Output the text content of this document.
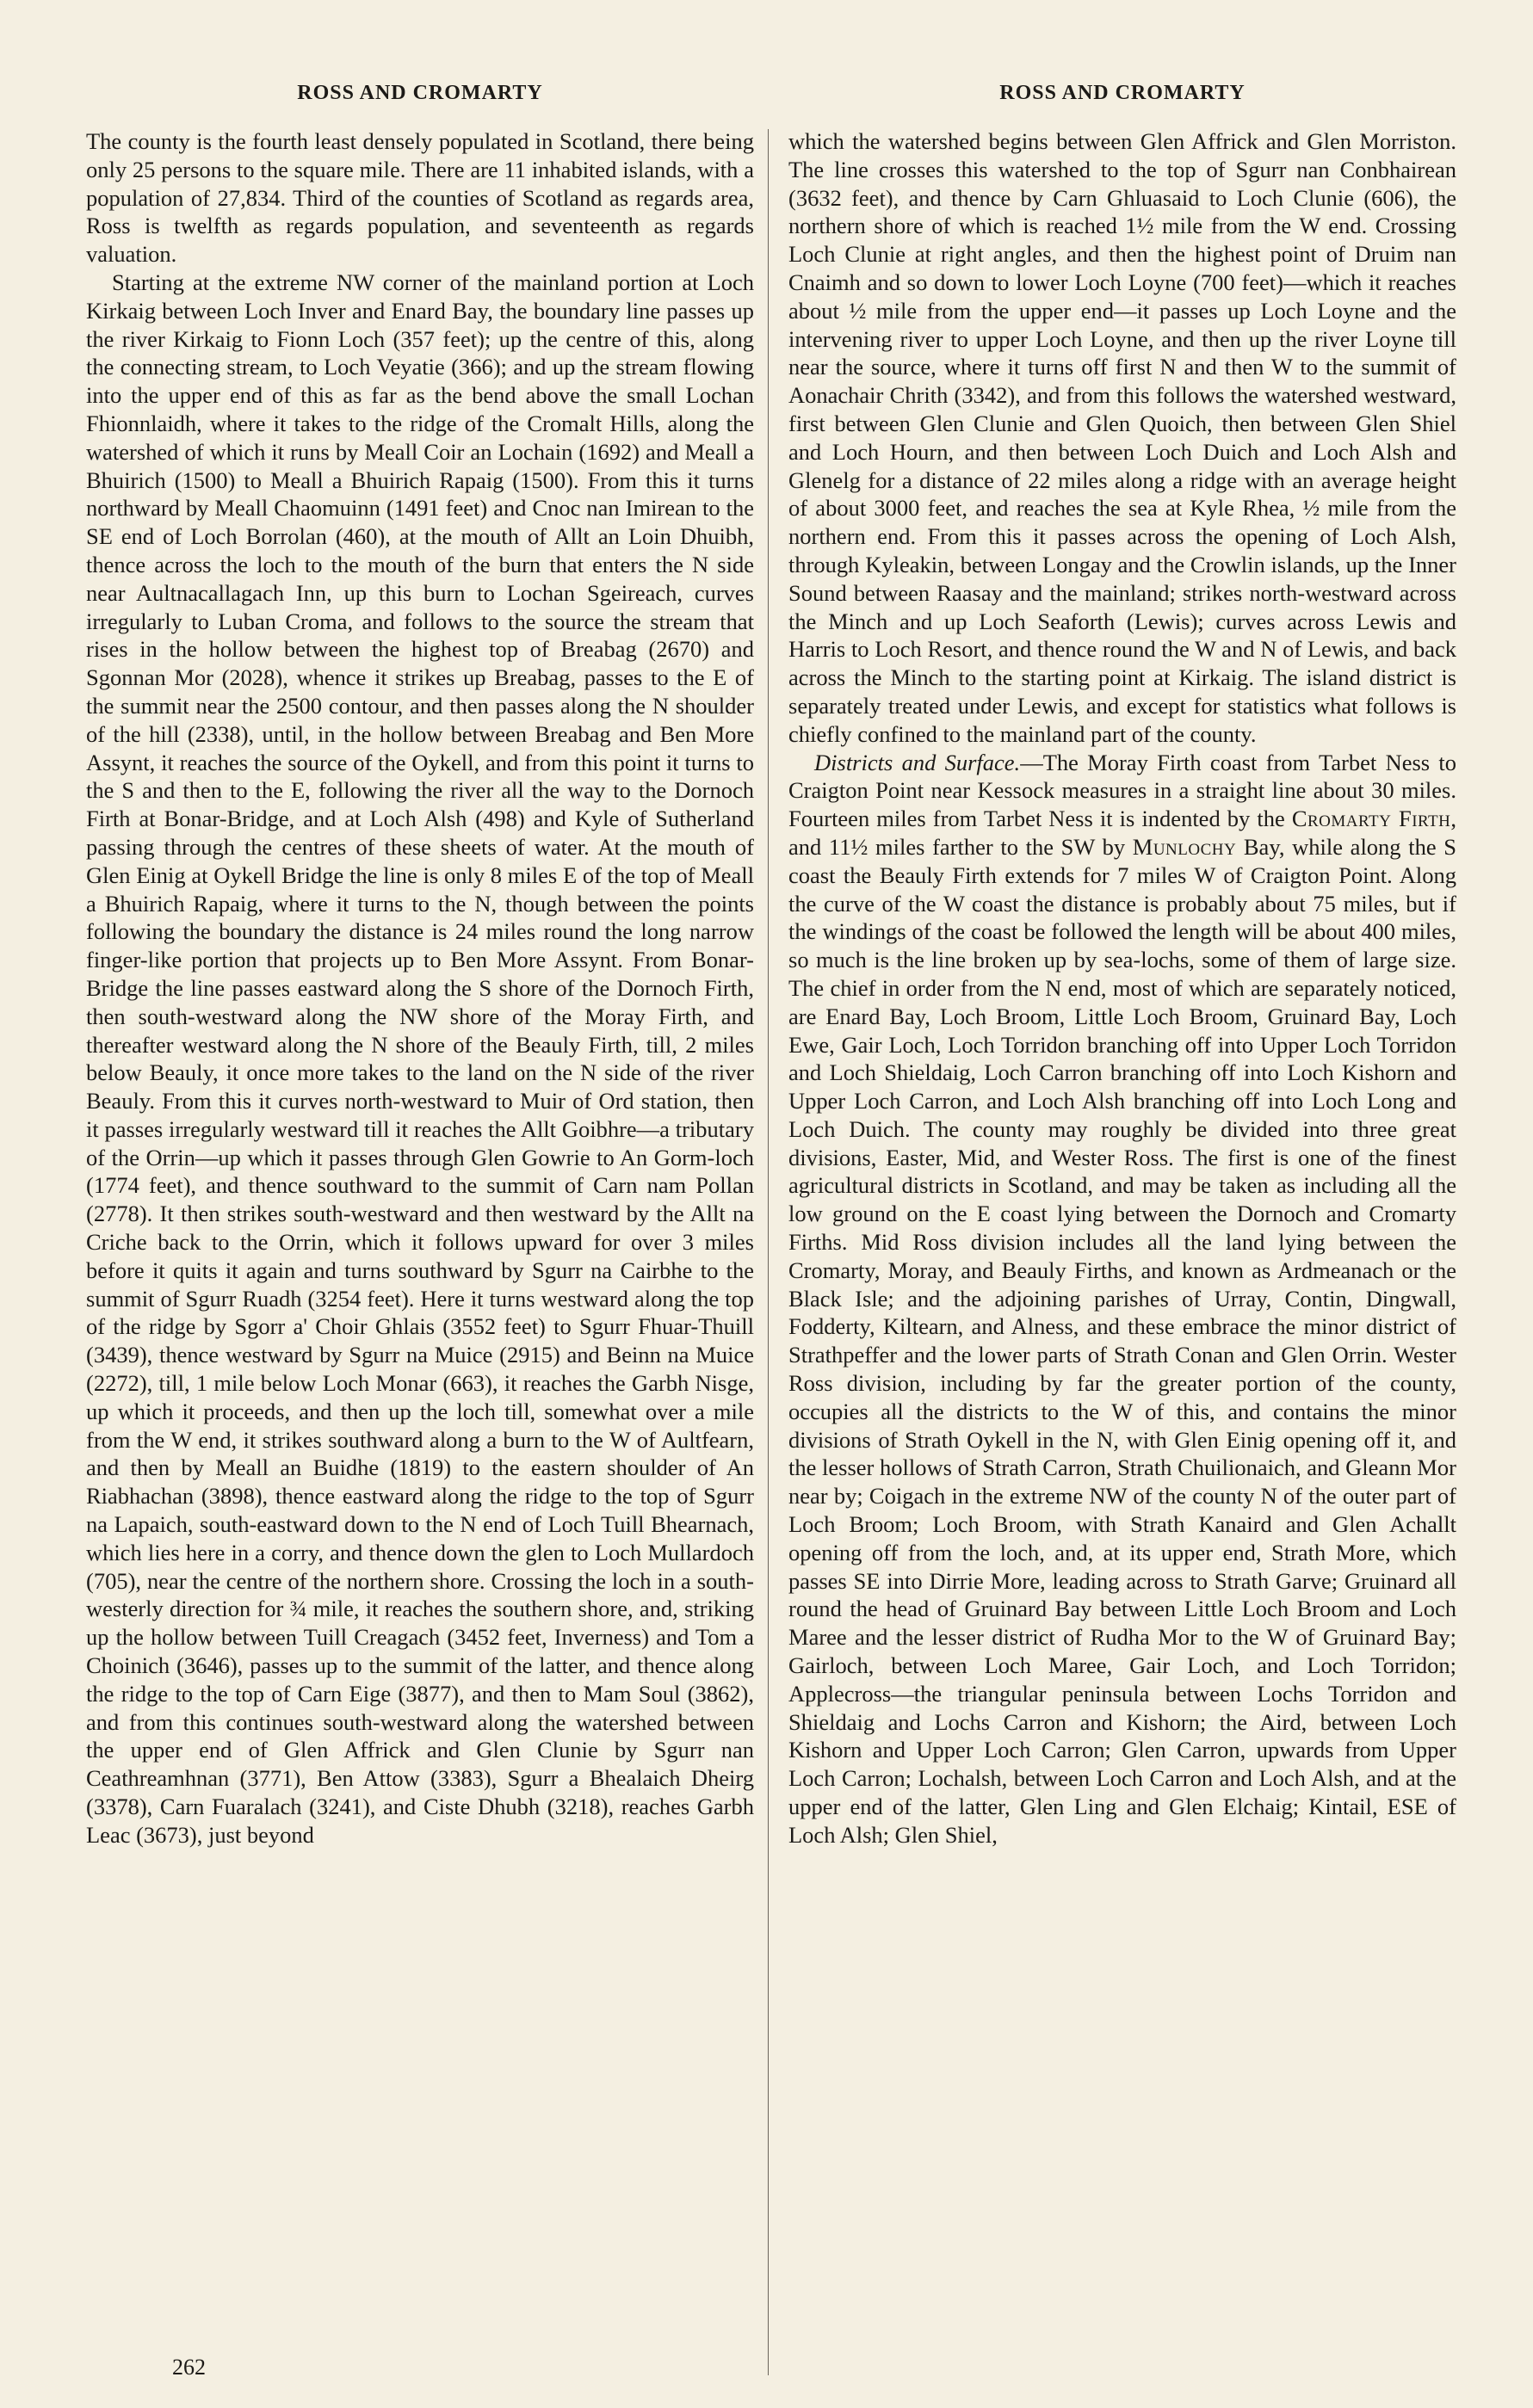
ROSS AND CROMARTY

The county is the fourth least densely populated in Scotland, there being only 25 persons to the square mile. There are 11 inhabited islands, with a population of 27,834. Third of the counties of Scotland as regards area, Ross is twelfth as regards population, and seventeenth as regards valuation.

Starting at the extreme NW corner of the mainland portion at Loch Kirkaig between Loch Inver and Enard Bay, the boundary line passes up the river Kirkaig to Fionn Loch (357 feet); up the centre of this, along the connecting stream, to Loch Veyatie (366); and up the stream flowing into the upper end of this as far as the bend above the small Lochan Fhionnlaidh, where it takes to the ridge of the Cromalt Hills, along the watershed of which it runs by Meall Coir an Lochain (1692) and Meall a Bhuirich (1500) to Meall a Bhuirich Rapaig (1500). From this it turns northward by Meall Chaomuinn (1491 feet) and Cnoc nan Imirean to the SE end of Loch Borrolan (460), at the mouth of Allt an Loin Dhuibh, thence across the loch to the mouth of the burn that enters the N side near Aultnacallagach Inn, up this burn to Lochan Sgeireach, curves irregularly to Luban Croma, and follows to the source the stream that rises in the hollow between the highest top of Breabag (2670) and Sgonnan Mor (2028), whence it strikes up Breabag, passes to the E of the summit near the 2500 contour, and then passes along the N shoulder of the hill (2338), until, in the hollow between Breabag and Ben More Assynt, it reaches the source of the Oykell, and from this point it turns to the S and then to the E, following the river all the way to the Dornoch Firth at Bonar-Bridge, and at Loch Alsh (498) and Kyle of Sutherland passing through the centres of these sheets of water. At the mouth of Glen Einig at Oykell Bridge the line is only 8 miles E of the top of Meall a Bhuirich Rapaig, where it turns to the N, though between the points following the boundary the distance is 24 miles round the long narrow finger-like portion that projects up to Ben More Assynt. From Bonar-Bridge the line passes eastward along the S shore of the Dornoch Firth, then south-westward along the NW shore of the Moray Firth, and thereafter westward along the N shore of the Beauly Firth, till, 2 miles below Beauly, it once more takes to the land on the N side of the river Beauly. From this it curves north-westward to Muir of Ord station, then it passes irregularly westward till it reaches the Allt Goibhre—a tributary of the Orrin—up which it passes through Glen Gowrie to An Gorm-loch (1774 feet), and thence southward to the summit of Carn nam Pollan (2778). It then strikes south-westward and then westward by the Allt na Criche back to the Orrin, which it follows upward for over 3 miles before it quits it again and turns southward by Sgurr na Cairbhe to the summit of Sgurr Ruadh (3254 feet). Here it turns westward along the top of the ridge by Sgorr a' Choir Ghlais (3552 feet) to Sgurr Fhuar-Thuill (3439), thence westward by Sgurr na Muice (2915) and Beinn na Muice (2272), till, 1 mile below Loch Monar (663), it reaches the Garbh Nisge, up which it proceeds, and then up the loch till, somewhat over a mile from the W end, it strikes southward along a burn to the W of Aultfearn, and then by Meall an Buidhe (1819) to the eastern shoulder of An Riabhachan (3898), thence eastward along the ridge to the top of Sgurr na Lapaich, south-eastward down to the N end of Loch Tuill Bhearnach, which lies here in a corry, and thence down the glen to Loch Mullardoch (705), near the centre of the northern shore. Crossing the loch in a south-westerly direction for ¾ mile, it reaches the southern shore, and, striking up the hollow between Tuill Creagach (3452 feet, Inverness) and Tom a Choinich (3646), passes up to the summit of the latter, and thence along the ridge to the top of Carn Eige (3877), and then to Mam Soul (3862), and from this continues south-westward along the watershed between the upper end of Glen Affrick and Glen Clunie by Sgurr nan Ceathreamhnan (3771), Ben Attow (3383), Sgurr a Bhealaich Dheirg (3378), Carn Fuaralach (3241), and Ciste Dhubh (3218), reaches Garbh Leac (3673), just beyond

ROSS AND CROMARTY

which the watershed begins between Glen Affrick and Glen Morriston. The line crosses this watershed to the top of Sgurr nan Conbhairean (3632 feet), and thence by Carn Ghluasaid to Loch Clunie (606), the northern shore of which is reached 1½ mile from the W end. Crossing Loch Clunie at right angles, and then the highest point of Druim nan Cnaimh and so down to lower Loch Loyne (700 feet)—which it reaches about ½ mile from the upper end—it passes up Loch Loyne and the intervening river to upper Loch Loyne, and then up the river Loyne till near the source, where it turns off first N and then W to the summit of Aonachair Chrith (3342), and from this follows the watershed westward, first between Glen Clunie and Glen Quoich, then between Glen Shiel and Loch Hourn, and then between Loch Duich and Loch Alsh and Glenelg for a distance of 22 miles along a ridge with an average height of about 3000 feet, and reaches the sea at Kyle Rhea, ½ mile from the northern end. From this it passes across the opening of Loch Alsh, through Kyleakin, between Longay and the Crowlin islands, up the Inner Sound between Raasay and the mainland; strikes north-westward across the Minch and up Loch Seaforth (Lewis); curves across Lewis and Harris to Loch Resort, and thence round the W and N of Lewis, and back across the Minch to the starting point at Kirkaig. The island district is separately treated under Lewis, and except for statistics what follows is chiefly confined to the mainland part of the county.

Districts and Surface.—The Moray Firth coast from Tarbet Ness to Craigton Point near Kessock measures in a straight line about 30 miles. Fourteen miles from Tarbet Ness it is indented by the Cromarty Firth, and 11½ miles farther to the SW by Munlochy Bay, while along the S coast the Beauly Firth extends for 7 miles W of Craigton Point. Along the curve of the W coast the distance is probably about 75 miles, but if the windings of the coast be followed the length will be about 400 miles, so much is the line broken up by sea-lochs, some of them of large size. The chief in order from the N end, most of which are separately noticed, are Enard Bay, Loch Broom, Little Loch Broom, Gruinard Bay, Loch Ewe, Gair Loch, Loch Torridon branching off into Upper Loch Torridon and Loch Shieldaig, Loch Carron branching off into Loch Kishorn and Upper Loch Carron, and Loch Alsh branching off into Loch Long and Loch Duich. The county may roughly be divided into three great divisions, Easter, Mid, and Wester Ross. The first is one of the finest agricultural districts in Scotland, and may be taken as including all the low ground on the E coast lying between the Dornoch and Cromarty Firths. Mid Ross division includes all the land lying between the Cromarty, Moray, and Beauly Firths, and known as Ardmeanach or the Black Isle; and the adjoining parishes of Urray, Contin, Dingwall, Fodderty, Kiltearn, and Alness, and these embrace the minor district of Strathpeffer and the lower parts of Strath Conan and Glen Orrin. Wester Ross division, including by far the greater portion of the county, occupies all the districts to the W of this, and contains the minor divisions of Strath Oykell in the N, with Glen Einig opening off it, and the lesser hollows of Strath Carron, Strath Chuilionaich, and Gleann Mor near by; Coigach in the extreme NW of the county N of the outer part of Loch Broom; Loch Broom, with Strath Kanaird and Glen Achallt opening off from the loch, and, at its upper end, Strath More, which passes SE into Dirrie More, leading across to Strath Garve; Gruinard all round the head of Gruinard Bay between Little Loch Broom and Loch Maree and the lesser district of Rudha Mor to the W of Gruinard Bay; Gairloch, between Loch Maree, Gair Loch, and Loch Torridon; Applecross—the triangular peninsula between Lochs Torridon and Shieldaig and Lochs Carron and Kishorn; the Aird, between Loch Kishorn and Upper Loch Carron; Glen Carron, upwards from Upper Loch Carron; Lochalsh, between Loch Carron and Loch Alsh, and at the upper end of the latter, Glen Ling and Glen Elchaig; Kintail, ESE of Loch Alsh; Glen Shiel,

262
